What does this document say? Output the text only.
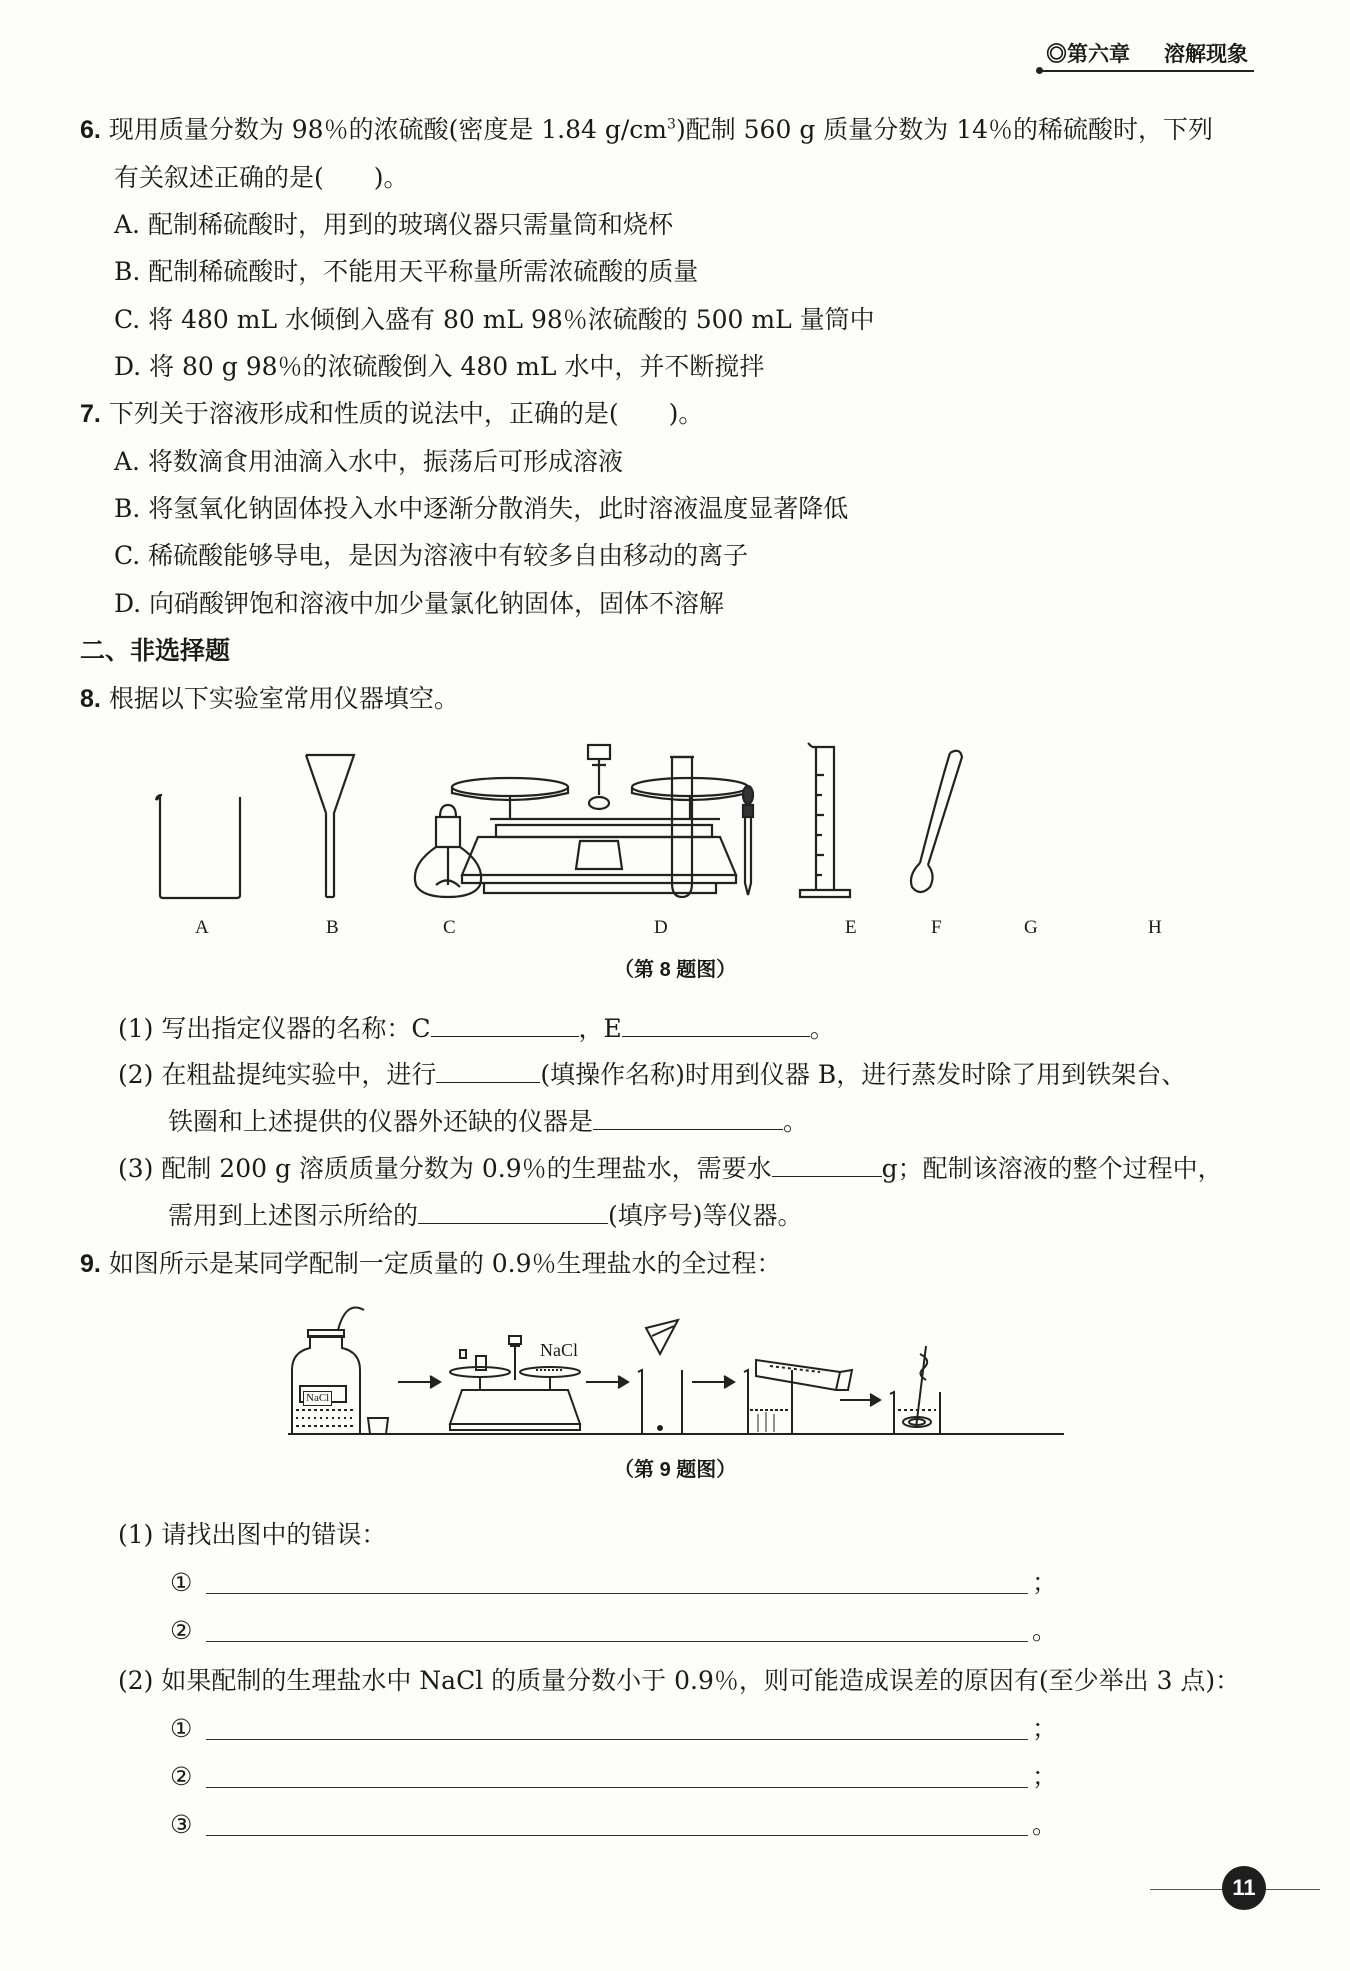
◎第六章 溶解现象
6. 现用质量分数为 98％的浓硫酸(密度是 1.84 $g/cm^3$)配制 560 g 质量分数为 14％的稀硫酸时，下列
有关叙述正确的是(　　)。
A. 配制稀硫酸时，用到的玻璃仪器只需量筒和烧杯
B. 配制稀硫酸时，不能用天平称量所需浓硫酸的质量
C. 将 480 mL 水倾倒入盛有 80 mL 98％浓硫酸的 500 mL 量筒中
D. 将 80 g 98％的浓硫酸倒入 480 mL 水中，并不断搅拌
7. 下列关于溶液形成和性质的说法中，正确的是(　　)。
A. 将数滴食用油滴入水中，振荡后可形成溶液
B. 将氢氧化钠固体投入水中逐渐分散消失，此时溶液温度显著降低
C. 稀硫酸能够导电，是因为溶液中有较多自由移动的离子
D. 向硝酸钾饱和溶液中加少量氯化钠固体，固体不溶解
二、非选择题
8. 根据以下实验室常用仪器填空。
A	B	C	D	E	F	G	H
（第 8 题图）
(1) 写出指定仪器的名称：C	，E	。
(2) 在粗盐提纯实验中，进行	(填操作名称)时用到仪器 B，进行蒸发时除了用到铁架台、
铁圈和上述提供的仪器外还缺的仪器是	。
(3) 配制 200 g 溶质质量分数为 0.9％的生理盐水，需要水	g；配制该溶液的整个过程中，
需用到上述图示所给的	(填序号)等仪器。
9. 如图所示是某同学配制一定质量的 0.9％生理盐水的全过程：
NaCl
NaCl
（第 9 题图）
(1) 请找出图中的错误：
①	；
②	。
(2) 如果配制的生理盐水中 NaCl 的质量分数小于 0.9％，则可能造成误差的原因有(至少举出 3 点)：
①	；
②	；
③	。
11
